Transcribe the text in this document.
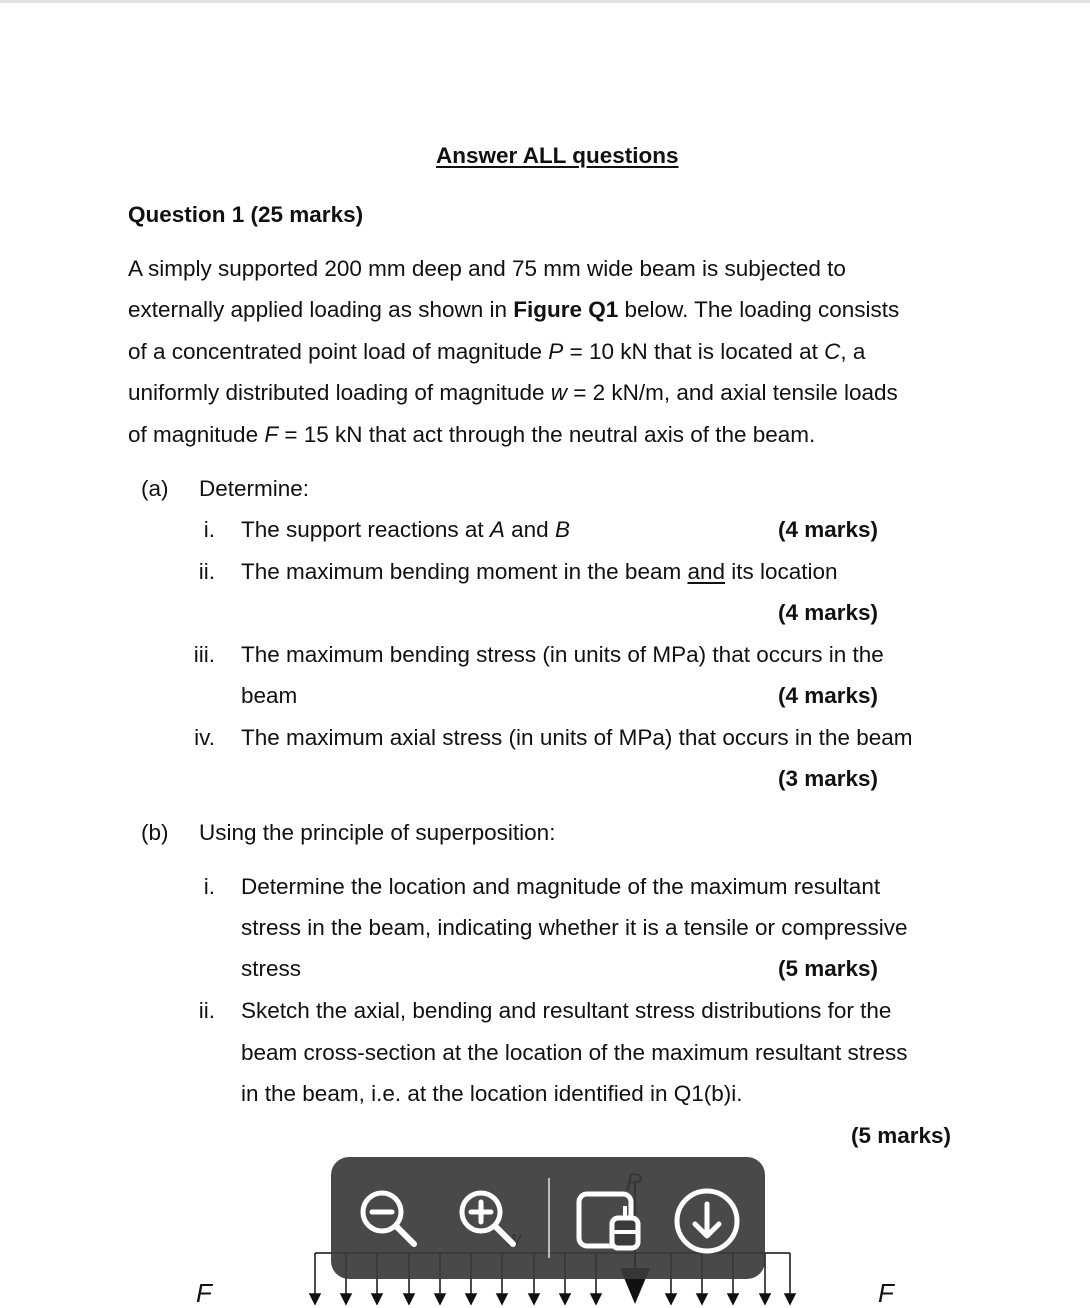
Answer ALL questions
Question 1 (25 marks)
A simply supported 200 mm deep and 75 mm wide beam is subjected to
externally applied loading as shown in Figure Q1 below. The loading consists
of a concentrated point load of magnitude P = 10 kN that is located at C, a
uniformly distributed loading of magnitude w = 2 kN/m, and axial tensile loads
of magnitude F = 15 kN that act through the neutral axis of the beam.
(a) Determine:
i. The support reactions at A and B	(4 marks)
ii. The maximum bending moment in the beam and its location
(4 marks)
iii. The maximum bending stress (in units of MPa) that occurs in the
beam	(4 marks)
iv. The maximum axial stress (in units of MPa) that occurs in the beam
(3 marks)
(b) Using the principle of superposition:
i. Determine the location and magnitude of the maximum resultant
stress in the beam, indicating whether it is a tensile or compressive
stress	(5 marks)
ii. Sketch the axial, bending and resultant stress distributions for the
beam cross-section at the location of the maximum resultant stress
in the beam, i.e. at the location identified in Q1(b)i.
(5 marks)
F	F
